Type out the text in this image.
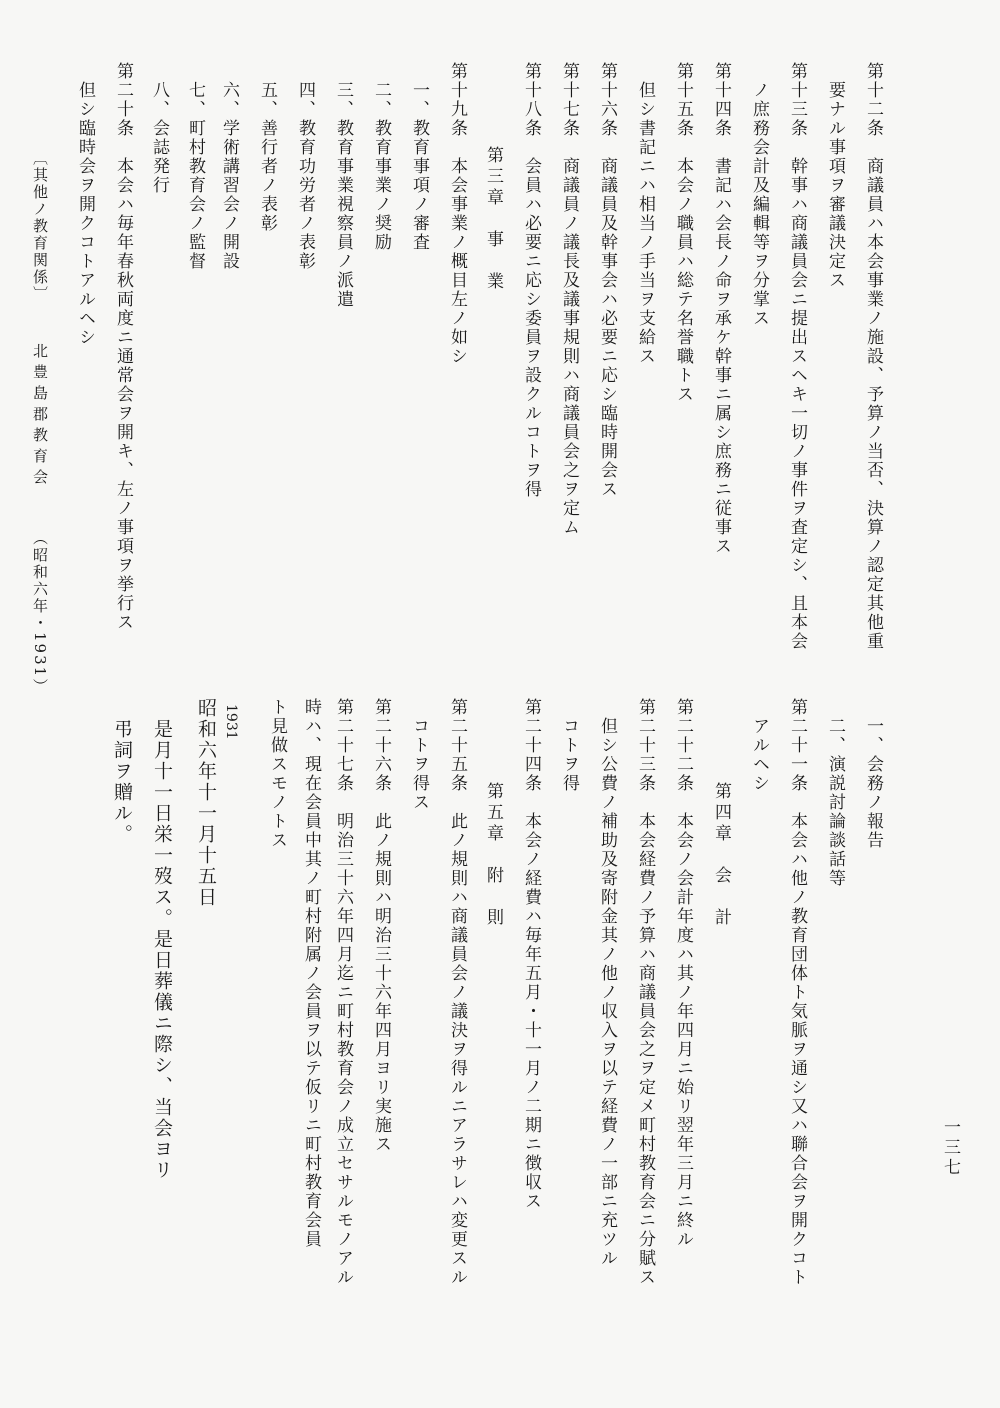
第十二条　商議員ハ本会事業ノ施設、予算ノ当否、決算ノ認定其他重
　要ナル事項ヲ審議決定ス
第十三条　幹事ハ商議員会ニ提出スヘキ一切ノ事件ヲ査定シ、且本会
　ノ庶務会計及編輯等ヲ分掌ス
第十四条　書記ハ会長ノ命ヲ承ケ幹事ニ属シ庶務ニ従事ス
第十五条　本会ノ職員ハ総テ名誉職トス
　但シ書記ニハ相当ノ手当ヲ支給ス
第十六条　商議員及幹事会ハ必要ニ応シ臨時開会ス
第十七条　商議員ノ議長及議事規則ハ商議員会之ヲ定ム
第十八条　会員ハ必要ニ応シ委員ヲ設クルコトヲ得
　　　　第三章　事　業
第十九条　本会事業ノ概目左ノ如シ
　一、教育事項ノ審査
　二、教育事業ノ奨励
　三、教育事業視察員ノ派遣
　四、教育功労者ノ表彰
　五、善行者ノ表彰
　六、学術講習会ノ開設
　七、町村教育会ノ監督
　八、会誌発行
第二十条　本会ハ毎年春秋両度ニ通常会ヲ開キ、左ノ事項ヲ挙行ス
　但シ臨時会ヲ開クコトアルヘシ
　一、会務ノ報告
　二、演説討論談話等
第二十一条　本会ハ他ノ教育団体ト気脈ヲ通シ又ハ聯合会ヲ開クコト
　アルヘシ
　　　　第四章　会　計
第二十二条　本会ノ会計年度ハ其ノ年四月ニ始リ翌年三月ニ終ル
第二十三条　本会経費ノ予算ハ商議員会之ヲ定メ町村教育会ニ分賦ス
　但シ公費ノ補助及寄附金其ノ他ノ収入ヲ以テ経費ノ一部ニ充ツル
　コトヲ得
第二十四条　本会ノ経費ハ毎年五月・十一月ノ二期ニ徴収ス
　　　　第五章　附　則
第二十五条　此ノ規則ハ商議員会ノ議決ヲ得ルニアラサレハ変更スル
　コトヲ得ス
第二十六条　此ノ規則ハ明治三十六年四月ヨリ実施ス
第二十七条　明治三十六年四月迄ニ町村教育会ノ成立セサルモノアル
時ハ、現在会員中其ノ町村附属ノ会員ヲ以テ仮リニ町村教育会員
ト見做スモノトス
1931
昭和六年十一月十五日
　是月十一日栄一歿ス。是日葬儀ニ際シ、当会ヨリ
　弔詞ヲ贈ル。
〔其他ノ教育関係〕
北豊島郡教育会
（昭和六年・1931）
一三七
